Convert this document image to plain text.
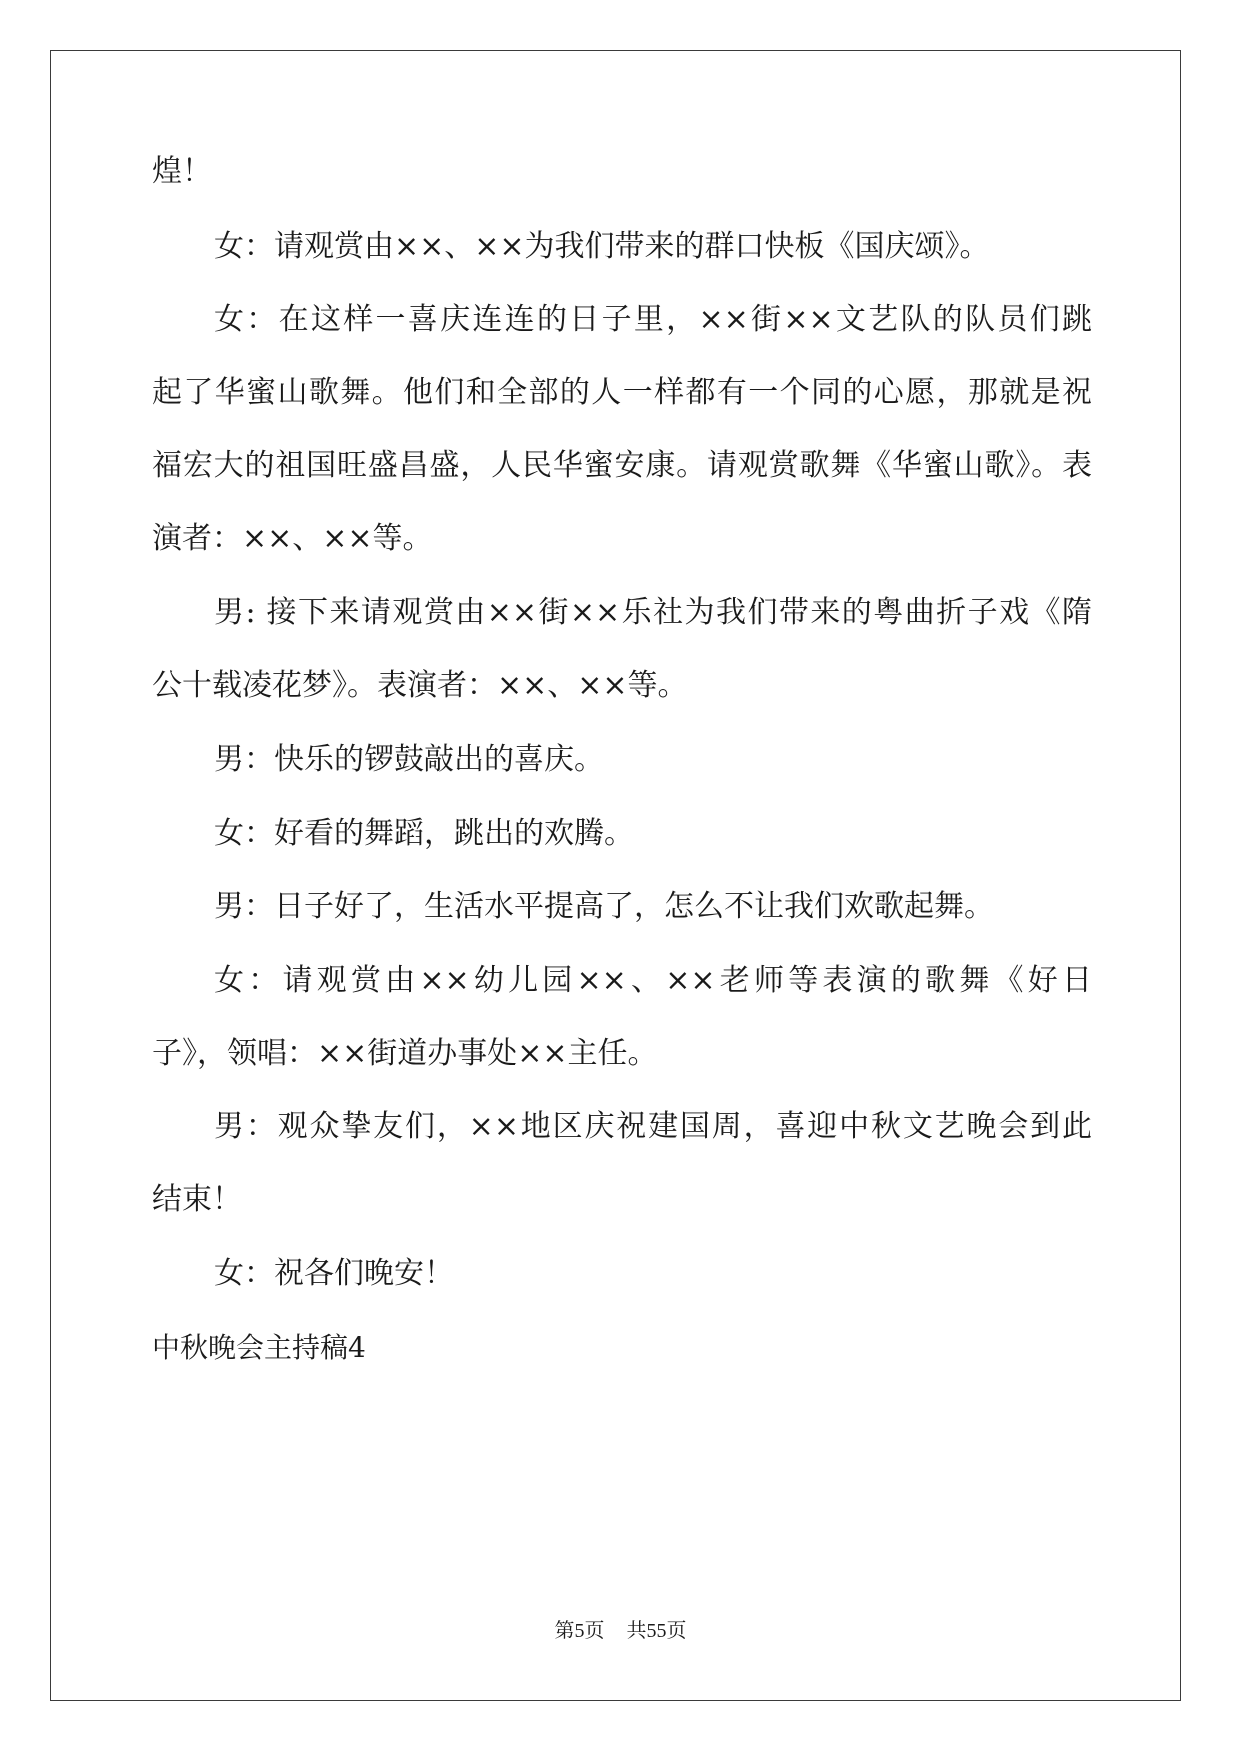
煌！
女：请观赏由××、××为我们带来的群口快板《国庆颂》。
女：在这样一喜庆连连的日子里，××街××文艺队的队员们跳
起了华蜜山歌舞。他们和全部的人一样都有一个同的心愿，那就是祝
福宏大的祖国旺盛昌盛，人民华蜜安康。请观赏歌舞《华蜜山歌》。表
演者：××、××等。
男: 接下来请观赏由××街××乐社为我们带来的粤曲折子戏《隋
公十载凌花梦》。表演者：××、××等。
男：快乐的锣鼓敲出的喜庆。
女：好看的舞蹈，跳出的欢腾。
男：日子好了，生活水平提高了，怎么不让我们欢歌起舞。
女：请观赏由××幼儿园××、××老师等表演的歌舞《好日
子》，领唱：××街道办事处××主任。
男：观众挚友们，××地区庆祝建国周，喜迎中秋文艺晚会到此
结束！
女：祝各们晚安！
中秋晚会主持稿4
第5页 共55页
